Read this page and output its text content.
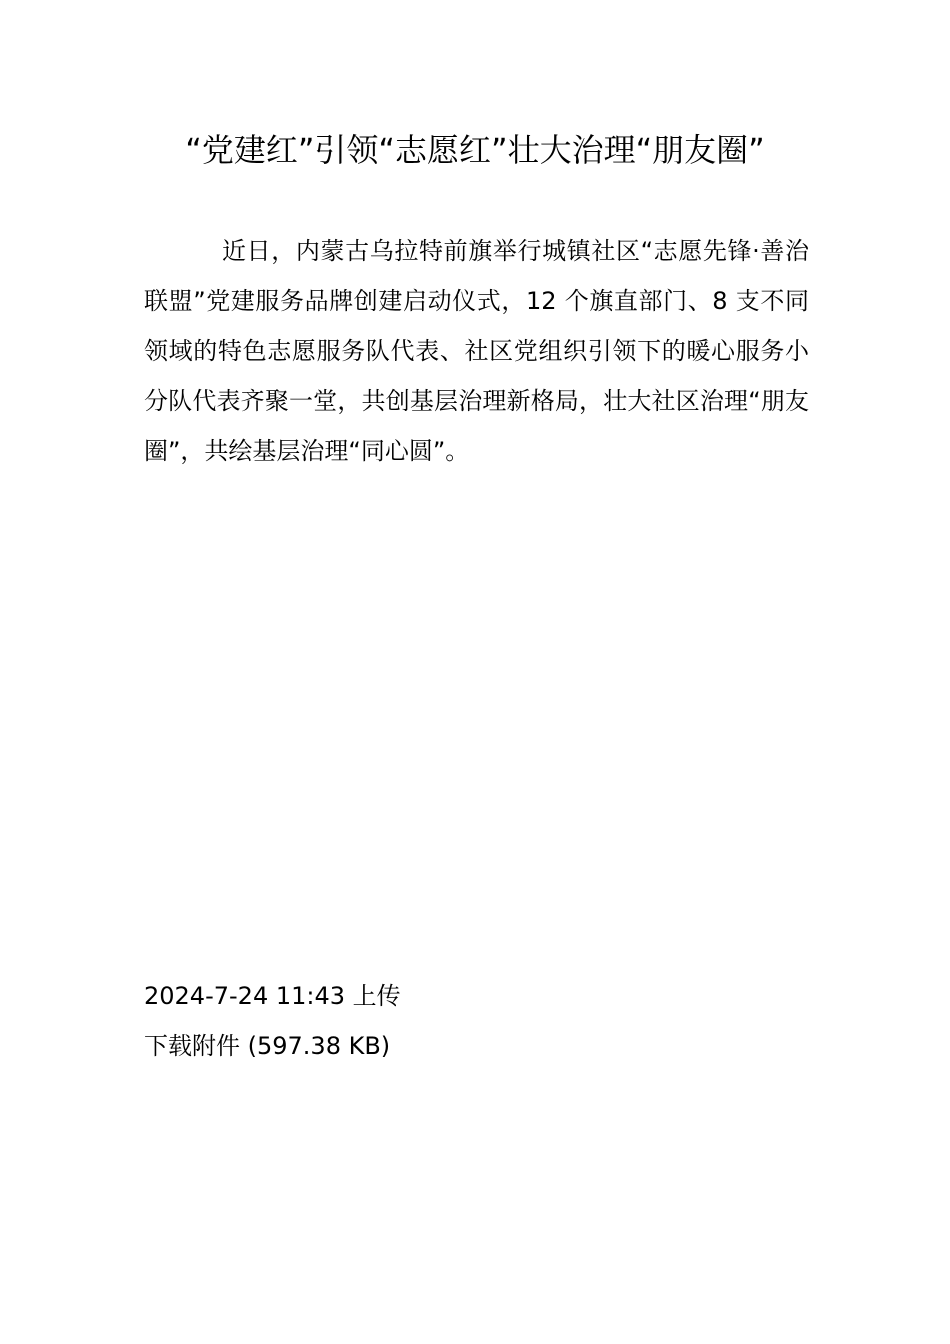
“党建红”引领“志愿红”壮大治理“朋友圈”

近日，内蒙古乌拉特前旗举行城镇社区“志愿先锋·善治联盟”党建服务品牌创建启动仪式，12 个旗直部门、8 支不同领域的特色志愿服务队代表、社区党组织引领下的暖心服务小分队代表齐聚一堂，共创基层治理新格局，壮大社区治理“朋友圈”，共绘基层治理“同心圆”。

2024-7-24 11:43 上传
下载附件 (597.38 KB)
